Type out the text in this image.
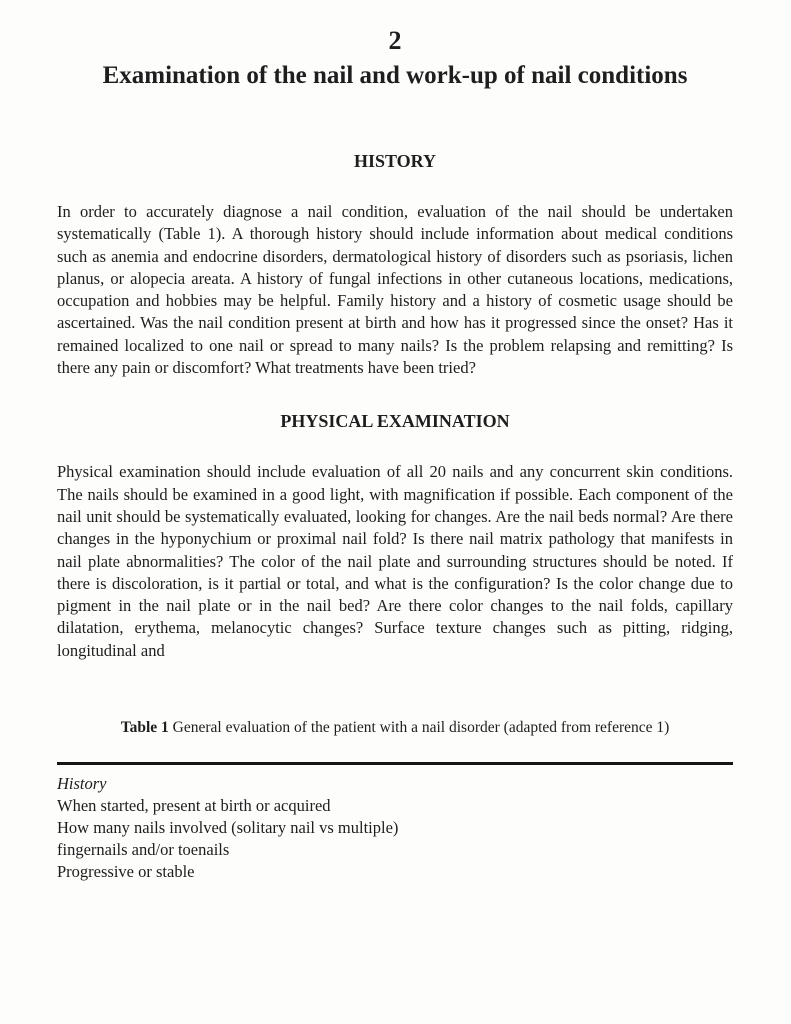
2
Examination of the nail and work-up of nail conditions
HISTORY

In order to accurately diagnose a nail condition, evaluation of the nail should be undertaken systematically (Table 1). A thorough history should include information about medical conditions such as anemia and endocrine disorders, dermatological history of disorders such as psoriasis, lichen planus, or alopecia areata. A history of fungal infections in other cutaneous locations, medications, occupation and hobbies may be helpful. Family history and a history of cosmetic usage should be ascertained. Was the nail condition present at birth and how has it progressed since the onset? Has it remained localized to one nail or spread to many nails? Is the problem relapsing and remitting? Is there any pain or discomfort? What treatments have been tried?

PHYSICAL EXAMINATION

Physical examination should include evaluation of all 20 nails and any concurrent skin conditions. The nails should be examined in a good light, with magnification if possible. Each component of the nail unit should be systematically evaluated, looking for changes. Are the nail beds normal? Are there changes in the hyponychium or proximal nail fold? Is there nail matrix pathology that manifests in nail plate abnormalities? The color of the nail plate and surrounding structures should be noted. If there is discoloration, is it partial or total, and what is the configuration? Is the color change due to pigment in the nail plate or in the nail bed? Are there color changes to the nail folds, capillary dilatation, erythema, melanocytic changes? Surface texture changes such as pitting, ridging, longitudinal and

Table 1 General evaluation of the patient with a nail disorder (adapted from reference 1)

History
When started, present at birth or acquired
How many nails involved (solitary nail vs multiple)
fingernails and/or toenails
Progressive or stable
